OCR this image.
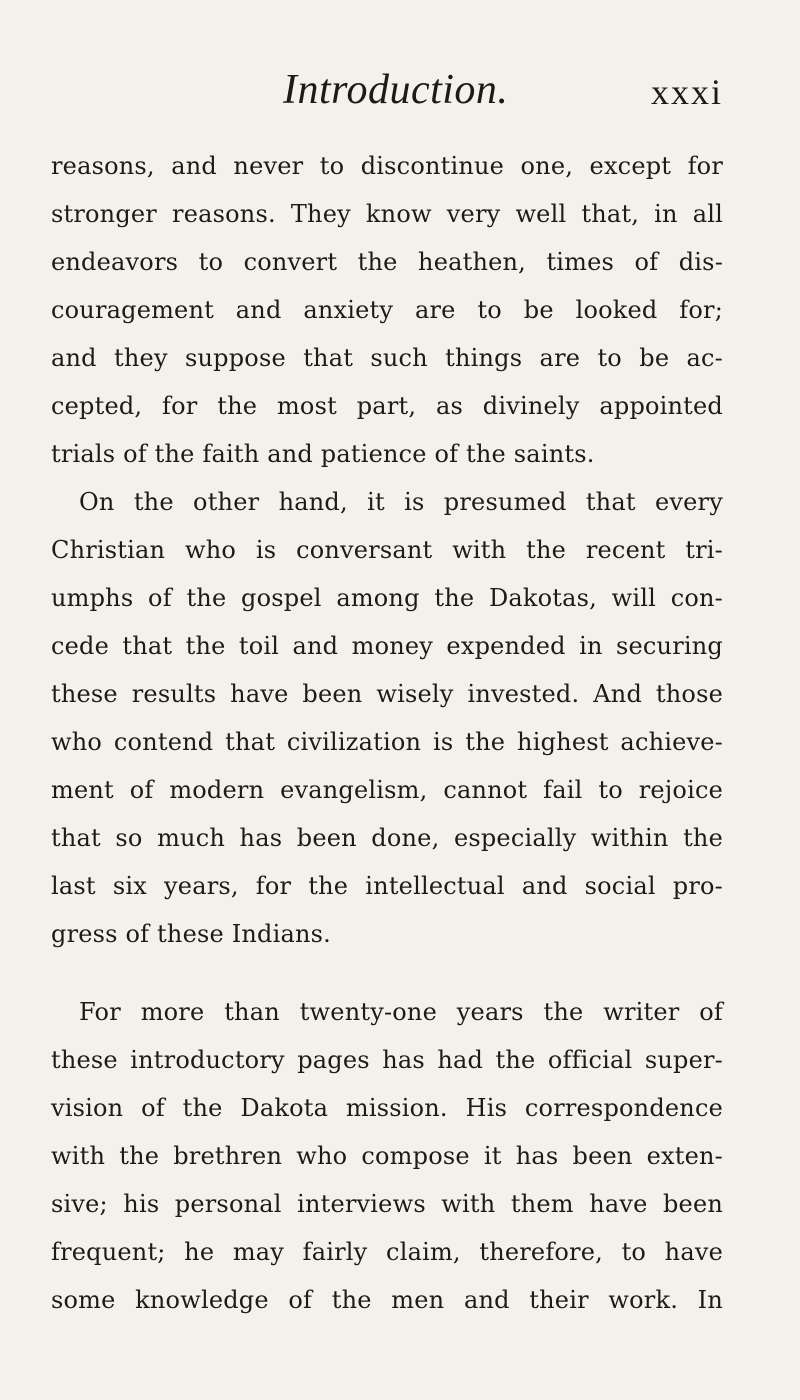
Introduction.	xxxi
reasons, and never to discontinue one, except for
stronger reasons. They know very well that, in all
endeavors to convert the heathen, times of dis-
couragement and anxiety are to be looked for;
and they suppose that such things are to be ac-
cepted, for the most part, as divinely appointed
trials of the faith and patience of the saints.
On the other hand, it is presumed that every
Christian who is conversant with the recent tri-
umphs of the gospel among the Dakotas, will con-
cede that the toil and money expended in securing
these results have been wisely invested. And those
who contend that civilization is the highest achieve-
ment of modern evangelism, cannot fail to rejoice
that so much has been done, especially within the
last six years, for the intellectual and social pro-
gress of these Indians.
For more than twenty-one years the writer of
these introductory pages has had the official super-
vision of the Dakota mission. His correspondence
with the brethren who compose it has been exten-
sive; his personal interviews with them have been
frequent; he may fairly claim, therefore, to have
some knowledge of the men and their work. In
